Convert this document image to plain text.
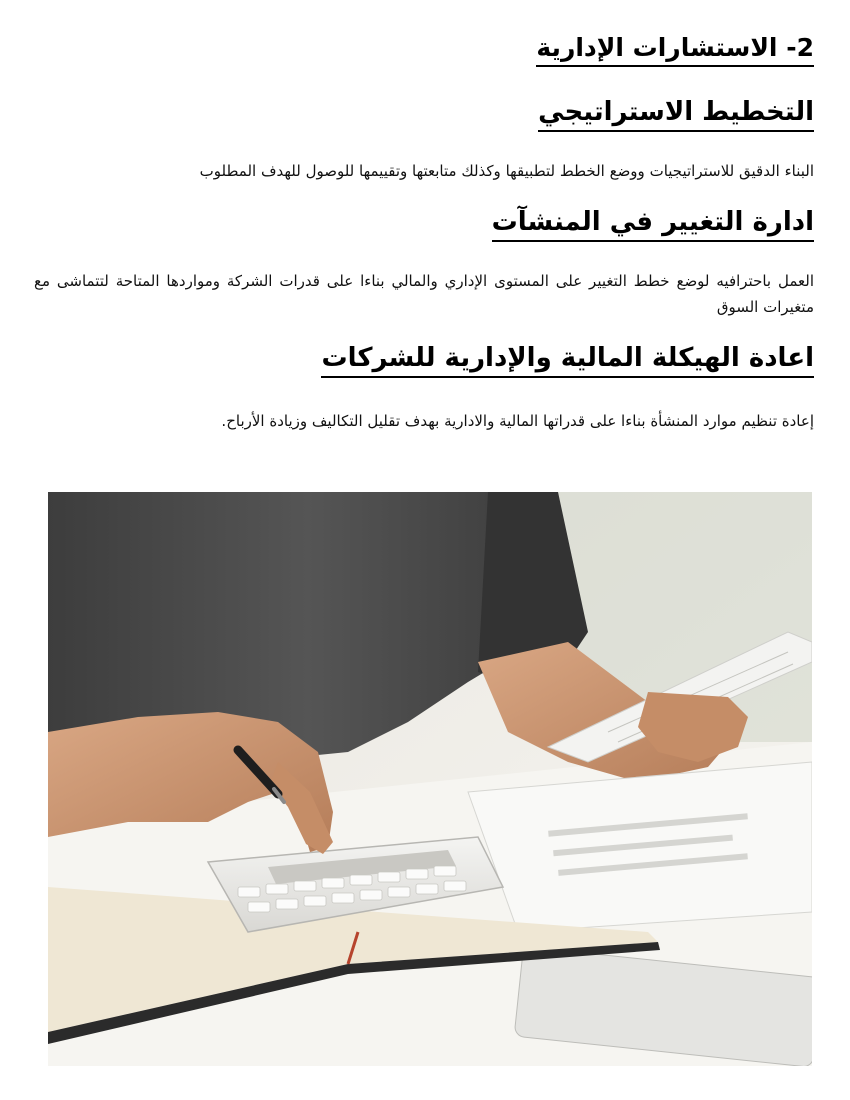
2- الاستشارات الإدارية
التخطيط الاستراتيجي

البناء الدقيق للاستراتيجيات ووضع الخطط لتطبيقها وكذلك متابعتها وتقييمها للوصول للهدف المطلوب

ادارة التغيير في المنشآت

العمل باحترافيه لوضع خطط التغيير على المستوى الإداري والمالي بناءا على قدرات الشركة ومواردها المتاحة لتتماشى مع متغيرات السوق

اعادة الهيكلة المالية والإدارية للشركات

إعادة تنظيم موارد المنشأة بناءا على قدراتها المالية والادارية بهدف تقليل التكاليف وزيادة الأرباح.
